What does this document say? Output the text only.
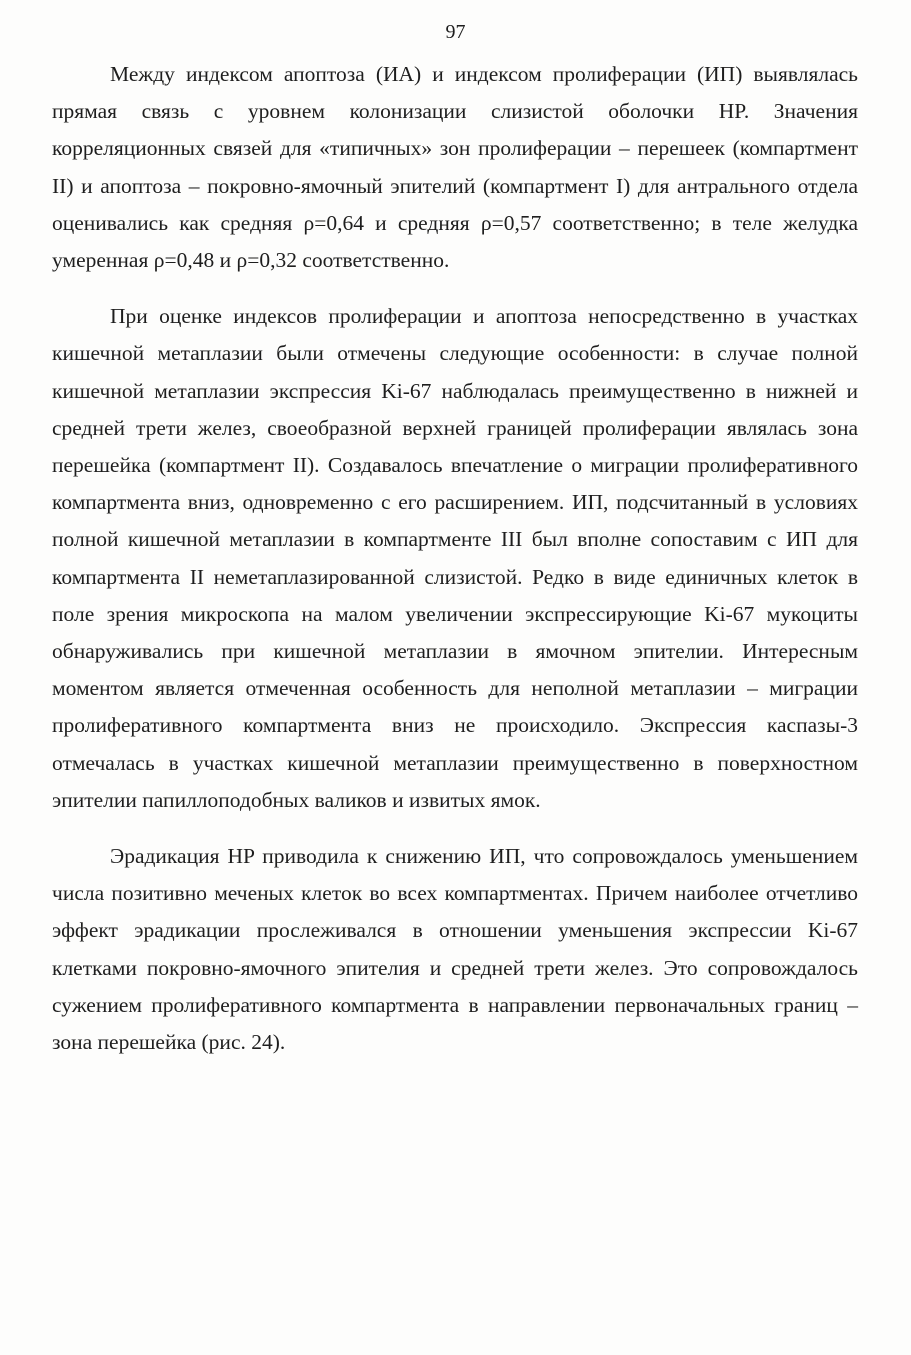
97

Между индексом апоптоза (ИА) и индексом пролиферации (ИП) выявлялась прямая связь с уровнем колонизации слизистой оболочки HP. Значения корреляционных связей для «типичных» зон пролиферации – перешеек (компартмент II) и апоптоза – покровно-ямочный эпителий (компартмент I) для антрального отдела оценивались как средняя ρ=0,64 и средняя ρ=0,57 соответственно; в теле желудка умеренная ρ=0,48 и ρ=0,32 соответственно.

При оценке индексов пролиферации и апоптоза непосредственно в участках кишечной метаплазии были отмечены следующие особенности: в случае полной кишечной метаплазии экспрессия Ki-67 наблюдалась преимущественно в нижней и средней трети желез, своеобразной верхней границей пролиферации являлась зона перешейка (компартмент II). Создавалось впечатление о миграции пролиферативного компартмента вниз, одновременно с его расширением. ИП, подсчитанный в условиях полной кишечной метаплазии в компартменте III был вполне сопоставим с ИП для компартмента II неметаплазированной слизистой. Редко в виде единичных клеток в поле зрения микроскопа на малом увеличении экспрессирующие Ki-67 мукоциты обнаруживались при кишечной метаплазии в ямочном эпителии. Интересным моментом является отмеченная особенность для неполной метаплазии – миграции пролиферативного компартмента вниз не происходило. Экспрессия каспазы-3 отмечалась в участках кишечной метаплазии преимущественно в поверхностном эпителии папиллоподобных валиков и извитых ямок.

Эрадикация HP приводила к снижению ИП, что сопровождалось уменьшением числа позитивно меченых клеток во всех компартментах. Причем наиболее отчетливо эффект эрадикации прослеживался в отношении уменьшения экспрессии Ki-67 клетками покровно-ямочного эпителия и средней трети желез. Это сопровождалось сужением пролиферативного компартмента в направлении первоначальных границ – зона перешейка (рис. 24).
